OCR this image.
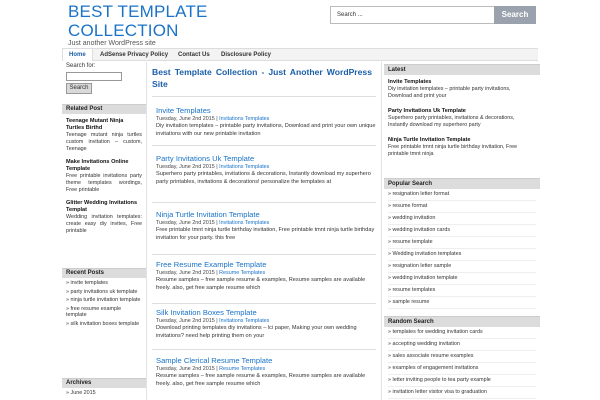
BEST TEMPLATE COLLECTION
Just another WordPress site
Search ...	Search
Home	AdSense Privacy Policy	Contact Us	Disclosure Policy
Search for:
Search
Related Post
Teenage Mutant Ninja Turtles Birthd
Teenage mutant ninja turtles custom invitation – custom, Teenage
Make Invitations Online Template
Free printable invitations party theme templates wordings, Free printable
Glitter Wedding Invitations Templat
Wedding invitation templates: create easy diy invites, Free printable
Recent Posts
» invite templates
» party invitations uk template
» ninja turtle invitation template
» free resume example template
» silk invitation boxes template
Archives
» June 2015
Best Template Collection - Just Another WordPress Site
Invite Templates
Tuesday, June 2nd 2015 | Invitations Templates
Diy invitation templates – printable party invitations, Download and print your own unique invitations with our new printable invitation
Party Invitations Uk Template
Tuesday, June 2nd 2015 | Invitations Templates
Superhero party printables, invitations & decorations, Instantly download my superhero party printables, invitations & decorations! personalize the templates at
Ninja Turtle Invitation Template
Tuesday, June 2nd 2015 | Invitations Templates
Free printable tmnt ninja turtle birthday invitation, Free printable tmnt ninja turtle birthday invitation for your party. this free
Free Resume Example Template
Tuesday, June 2nd 2015 | Resume Templates
Resume samples – free sample resume & examples, Resume samples are available freely. also, get free sample resume which
Silk Invitation Boxes Template
Tuesday, June 2nd 2015 | Invitations Templates
Download printing templates diy invitations – lci paper, Making your own wedding invitations? need help printing them on your
Sample Clerical Resume Template
Tuesday, June 2nd 2015 | Resume Templates
Resume samples – free sample resume & examples, Resume samples are available freely. also, get free sample resume which
Latest
Invite Templates
Diy invitation templates – printable party invitations, Download and print your
Party Invitations Uk Template
Superhero party printables, invitations & decorations, Instantly download my superhero party
Ninja Turtle Invitation Template
Free printable tmnt ninja turtle birthday invitation, Free printable tmnt ninja
Popular Search
» resignation letter format
» resume format
» wedding invitation
» wedding invitation cards
» resume template
» Wedding invitation templates
» resignation letter sample
» wedding invitation template
» resume templates
» sample resume
Random Search
» templates for wedding invitation cards
» accepting wedding invitation
» sales associate resume examples
» examples of engagement invitations
» letter inviting people to tea party example
» invitation letter visitor visa to graduation
